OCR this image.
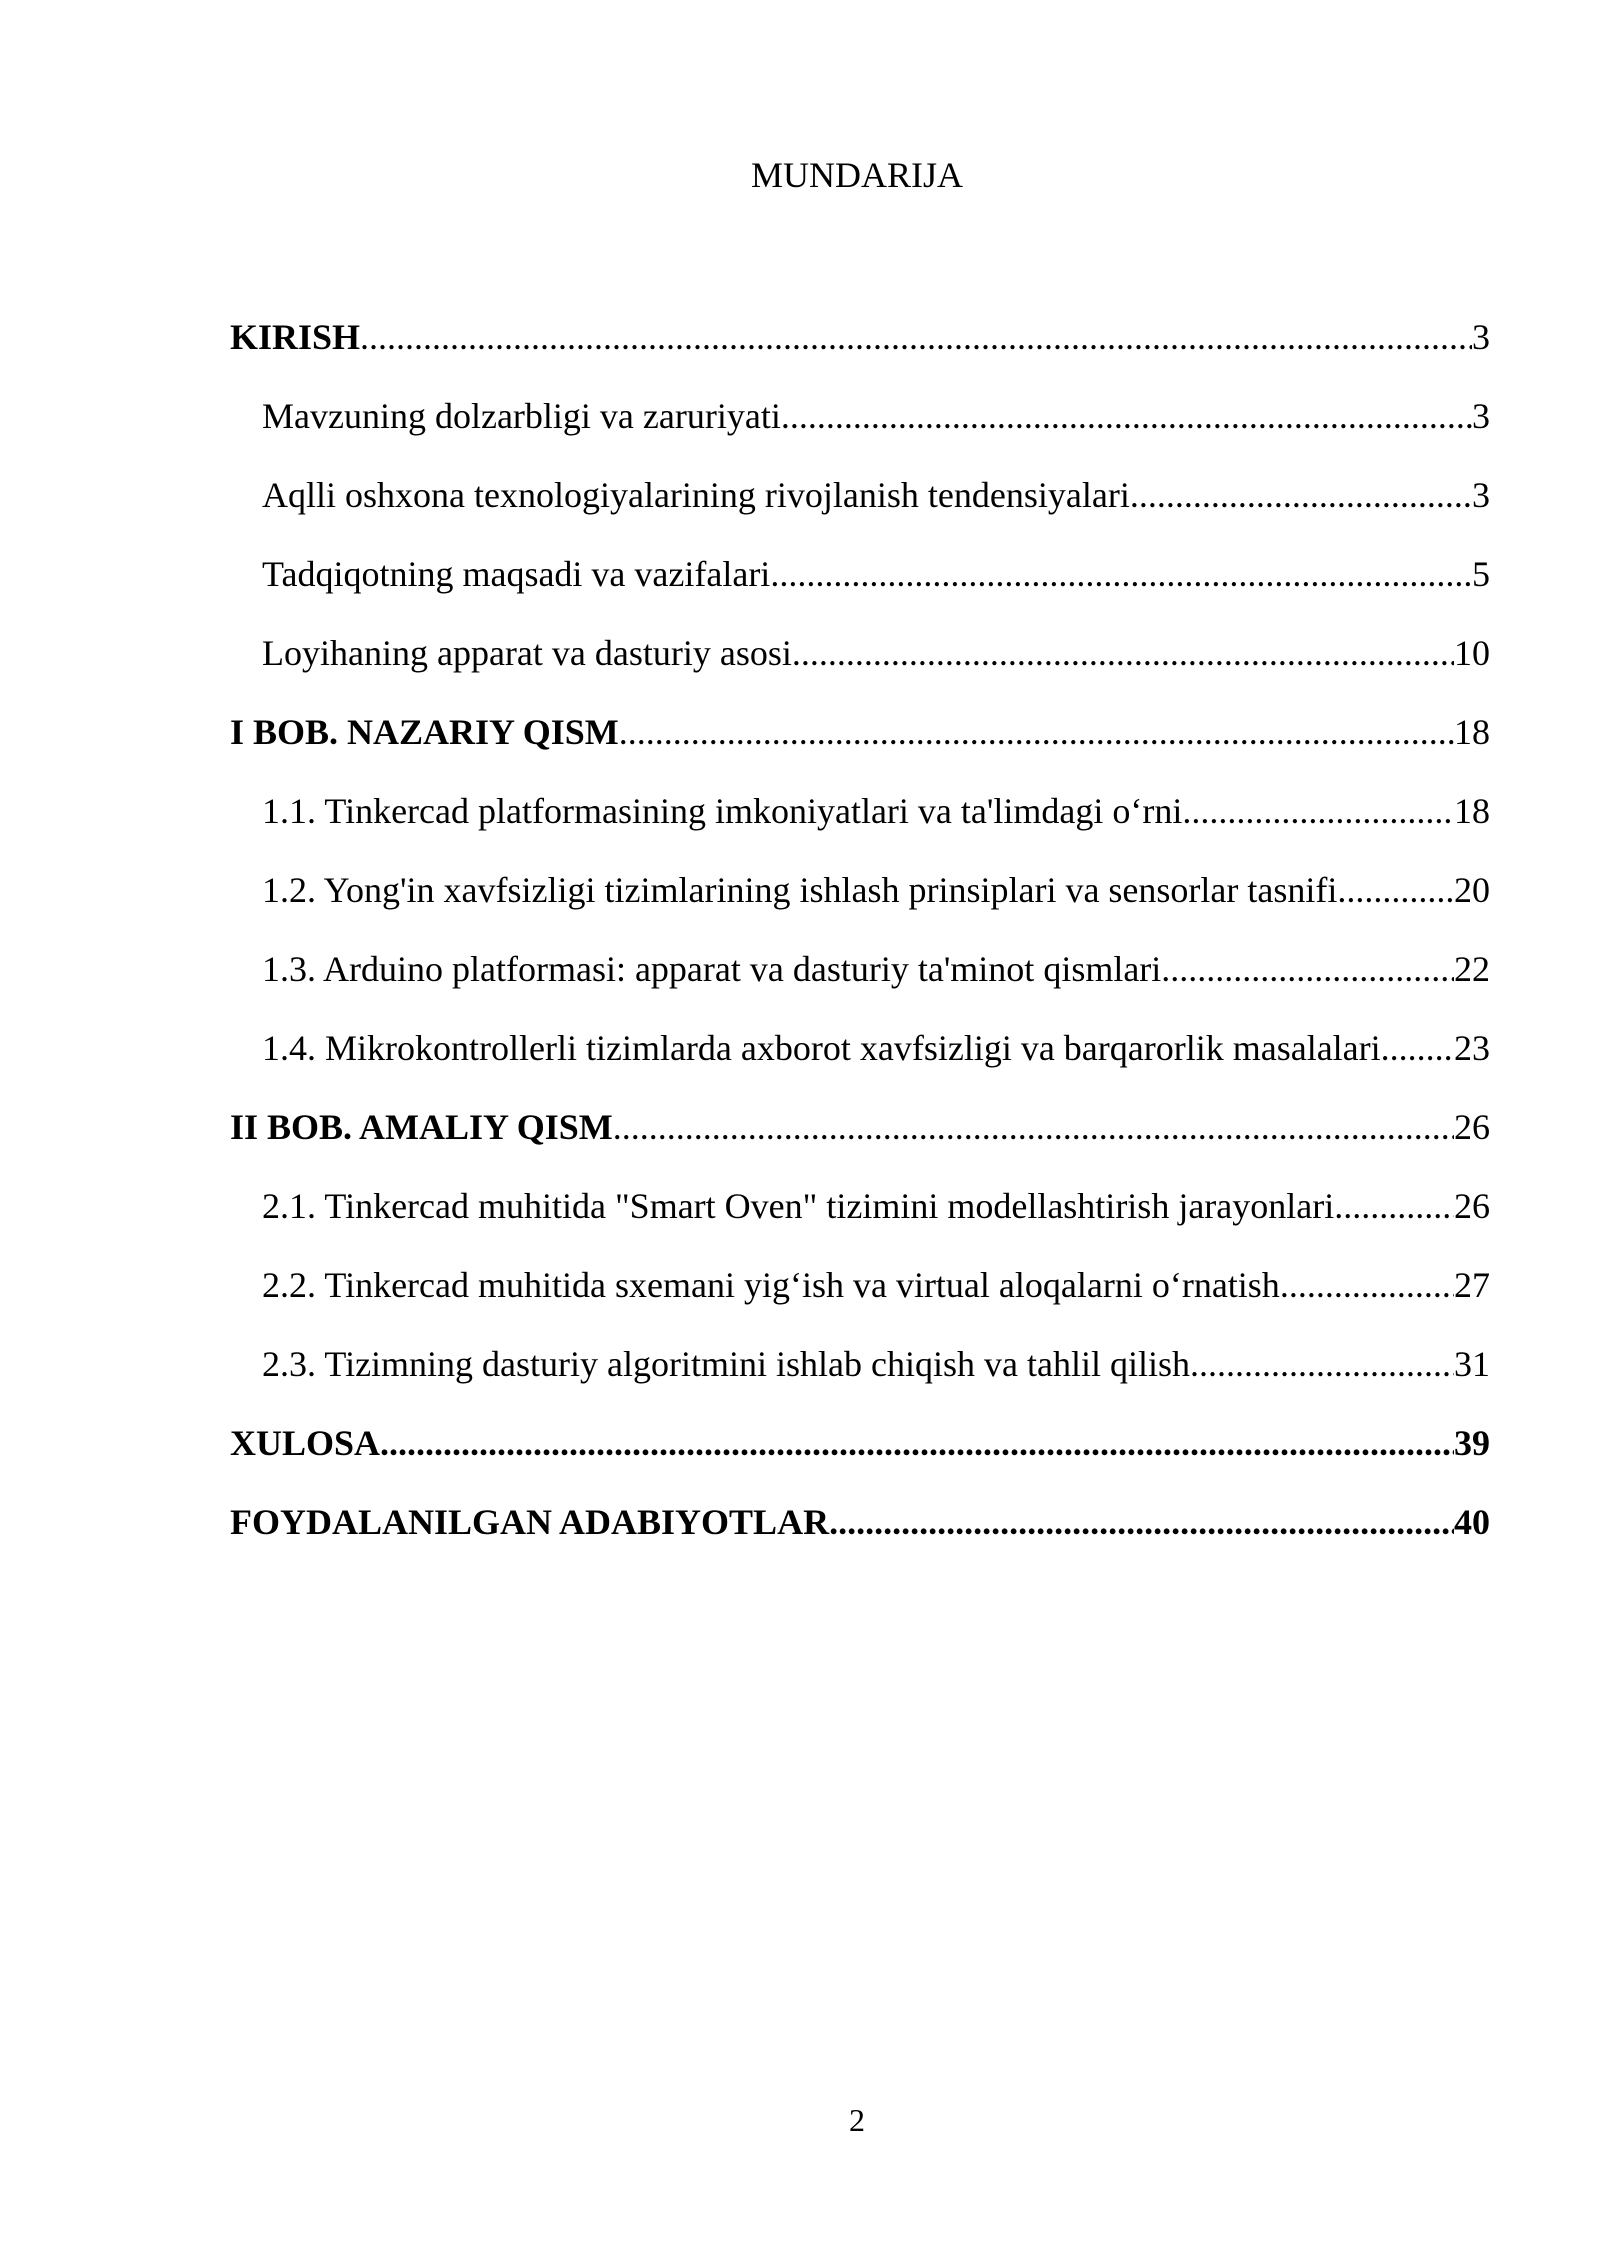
MUNDARIJA
KIRISH .....	3
Mavzuning dolzarbligi va zaruriyati .....	3
Aqlli oshxona texnologiyalarining rivojlanish tendensiyalari .....	3
Tadqiqotning maqsadi va vazifalari .....	5
Loyihaning apparat va dasturiy asosi .....	10
I BOB. NAZARIY QISM .....	18
1.1. Tinkercad platformasining imkoniyatlari va ta'limdagi o‘rni .....	18
1.2. Yong'in xavfsizligi tizimlarining ishlash prinsiplari va sensorlar tasnifi .....	20
1.3. Arduino platformasi: apparat va dasturiy ta'minot qismlari .....	22
1.4. Mikrokontrollerli tizimlarda axborot xavfsizligi va barqarorlik masalalari. ..... 23
II BOB. AMALIY QISM .....	26
2.1. Tinkercad muhitida "Smart Oven" tizimini modellashtirish jarayonlari .....	26
2.2. Tinkercad muhitida sxemani yig‘ish va virtual aloqalarni o‘rnatish .....	27
2.3. Tizimning dasturiy algoritmini ishlab chiqish va tahlil qilish .....	31
XULOSA .....	39
FOYDALANILGAN ADABIYOTLAR .....	40
2
